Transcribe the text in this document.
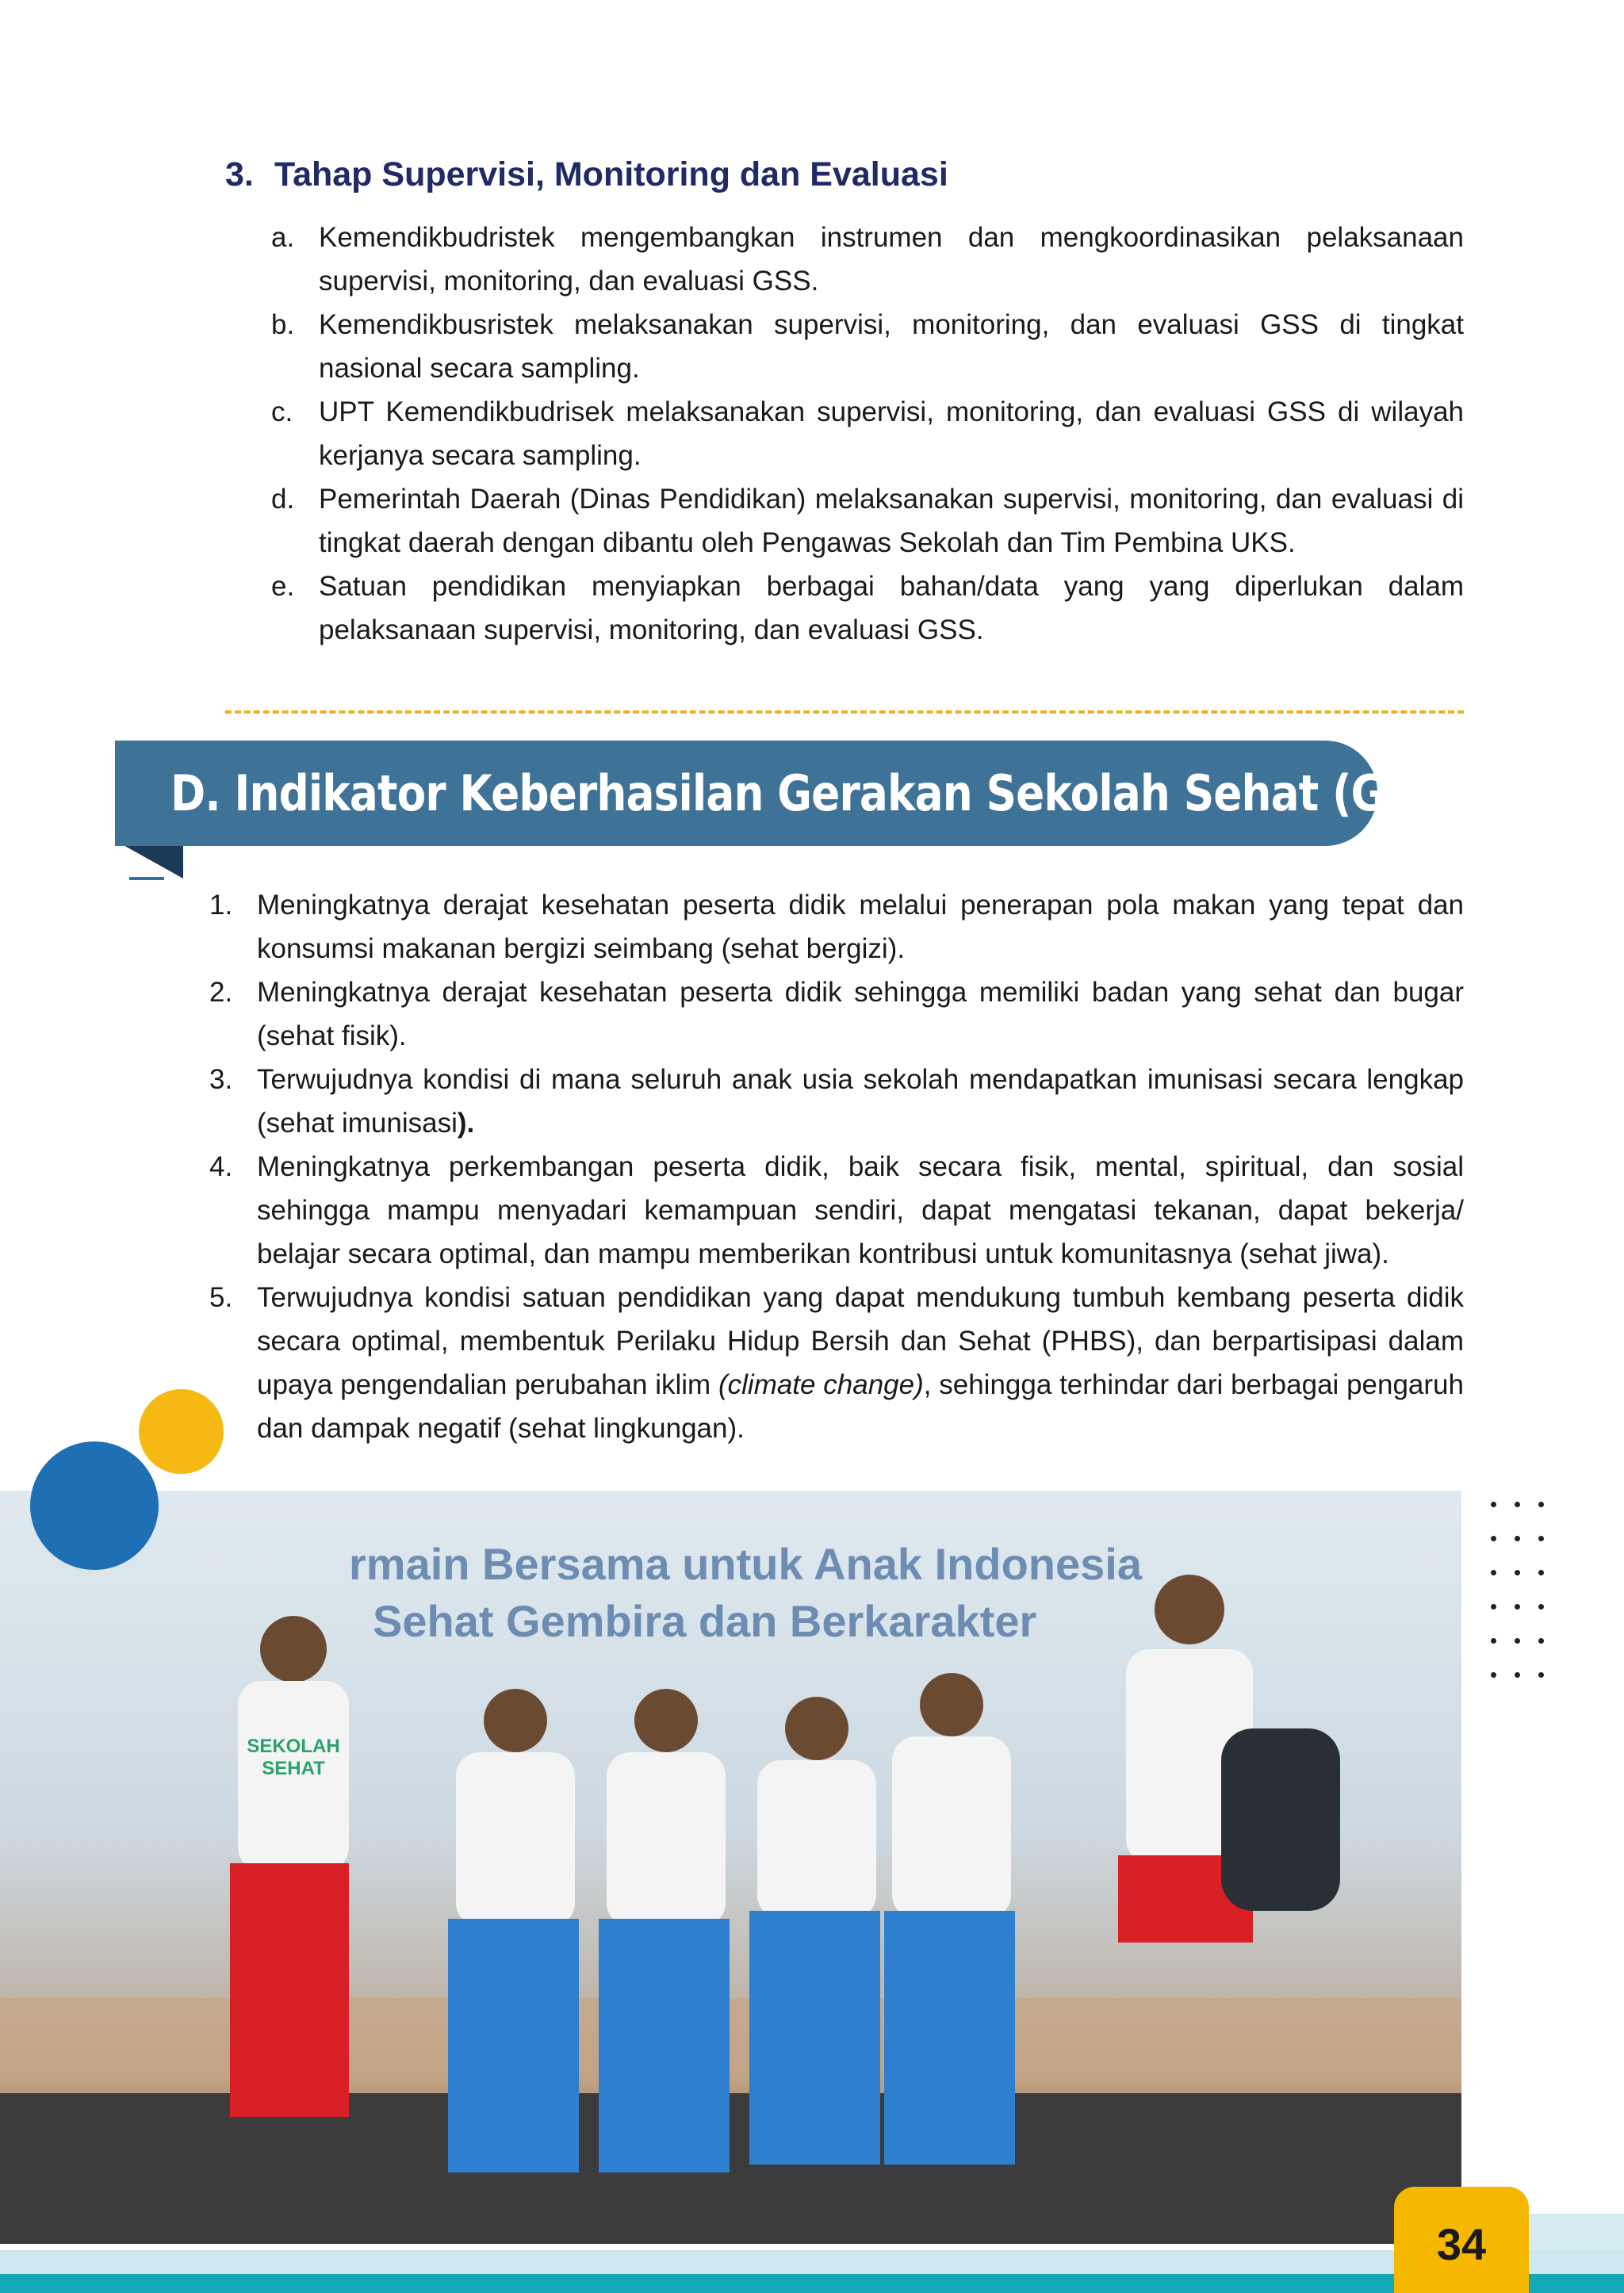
3. Tahap Supervisi, Monitoring dan Evaluasi
a. Kemendikbudristek mengembangkan instrumen dan mengkoordinasikan pelaksanaan supervisi, monitoring, dan evaluasi GSS.
b. Kemendikbusristek melaksanakan supervisi, monitoring, dan evaluasi GSS di tingkat nasional secara sampling.
c. UPT Kemendikbudrisek melaksanakan supervisi, monitoring, dan evaluasi GSS di wilayah kerjanya secara sampling.
d. Pemerintah Daerah (Dinas Pendidikan) melaksanakan supervisi, monitoring, dan evaluasi di tingkat daerah dengan dibantu oleh Pengawas Sekolah dan Tim Pembina UKS.
e. Satuan pendidikan menyiapkan berbagai bahan/data yang yang diperlukan dalam pelaksanaan supervisi, monitoring, dan evaluasi GSS.
D. Indikator Keberhasilan Gerakan Sekolah Sehat (GSS)
1. Meningkatnya derajat kesehatan peserta didik melalui penerapan pola makan yang tepat dan konsumsi makanan bergizi seimbang (sehat bergizi).
2. Meningkatnya derajat kesehatan peserta didik sehingga memiliki badan yang sehat dan bugar (sehat fisik).
3. Terwujudnya kondisi di mana seluruh anak usia sekolah mendapatkan imunisasi secara lengkap (sehat imunisasi).
4. Meningkatnya perkembangan peserta didik, baik secara fisik, mental, spiritual, dan sosial sehingga mampu menyadari kemampuan sendiri, dapat mengatasi tekanan, dapat bekerja/ belajar secara optimal, dan mampu memberikan kontribusi untuk komunitasnya (sehat jiwa).
5. Terwujudnya kondisi satuan pendidikan yang dapat mendukung tumbuh kembang peserta didik secara optimal, membentuk Perilaku Hidup Bersih dan Sehat (PHBS), dan berpartisipasi dalam upaya pengendalian perubahan iklim (climate change), sehingga terhindar dari berbagai pengaruh dan dampak negatif (sehat lingkungan).
rmain Bersama untuk Anak Indonesia
Sehat Gembira dan Berkarakter
SEKOLAH
SEHAT
34
